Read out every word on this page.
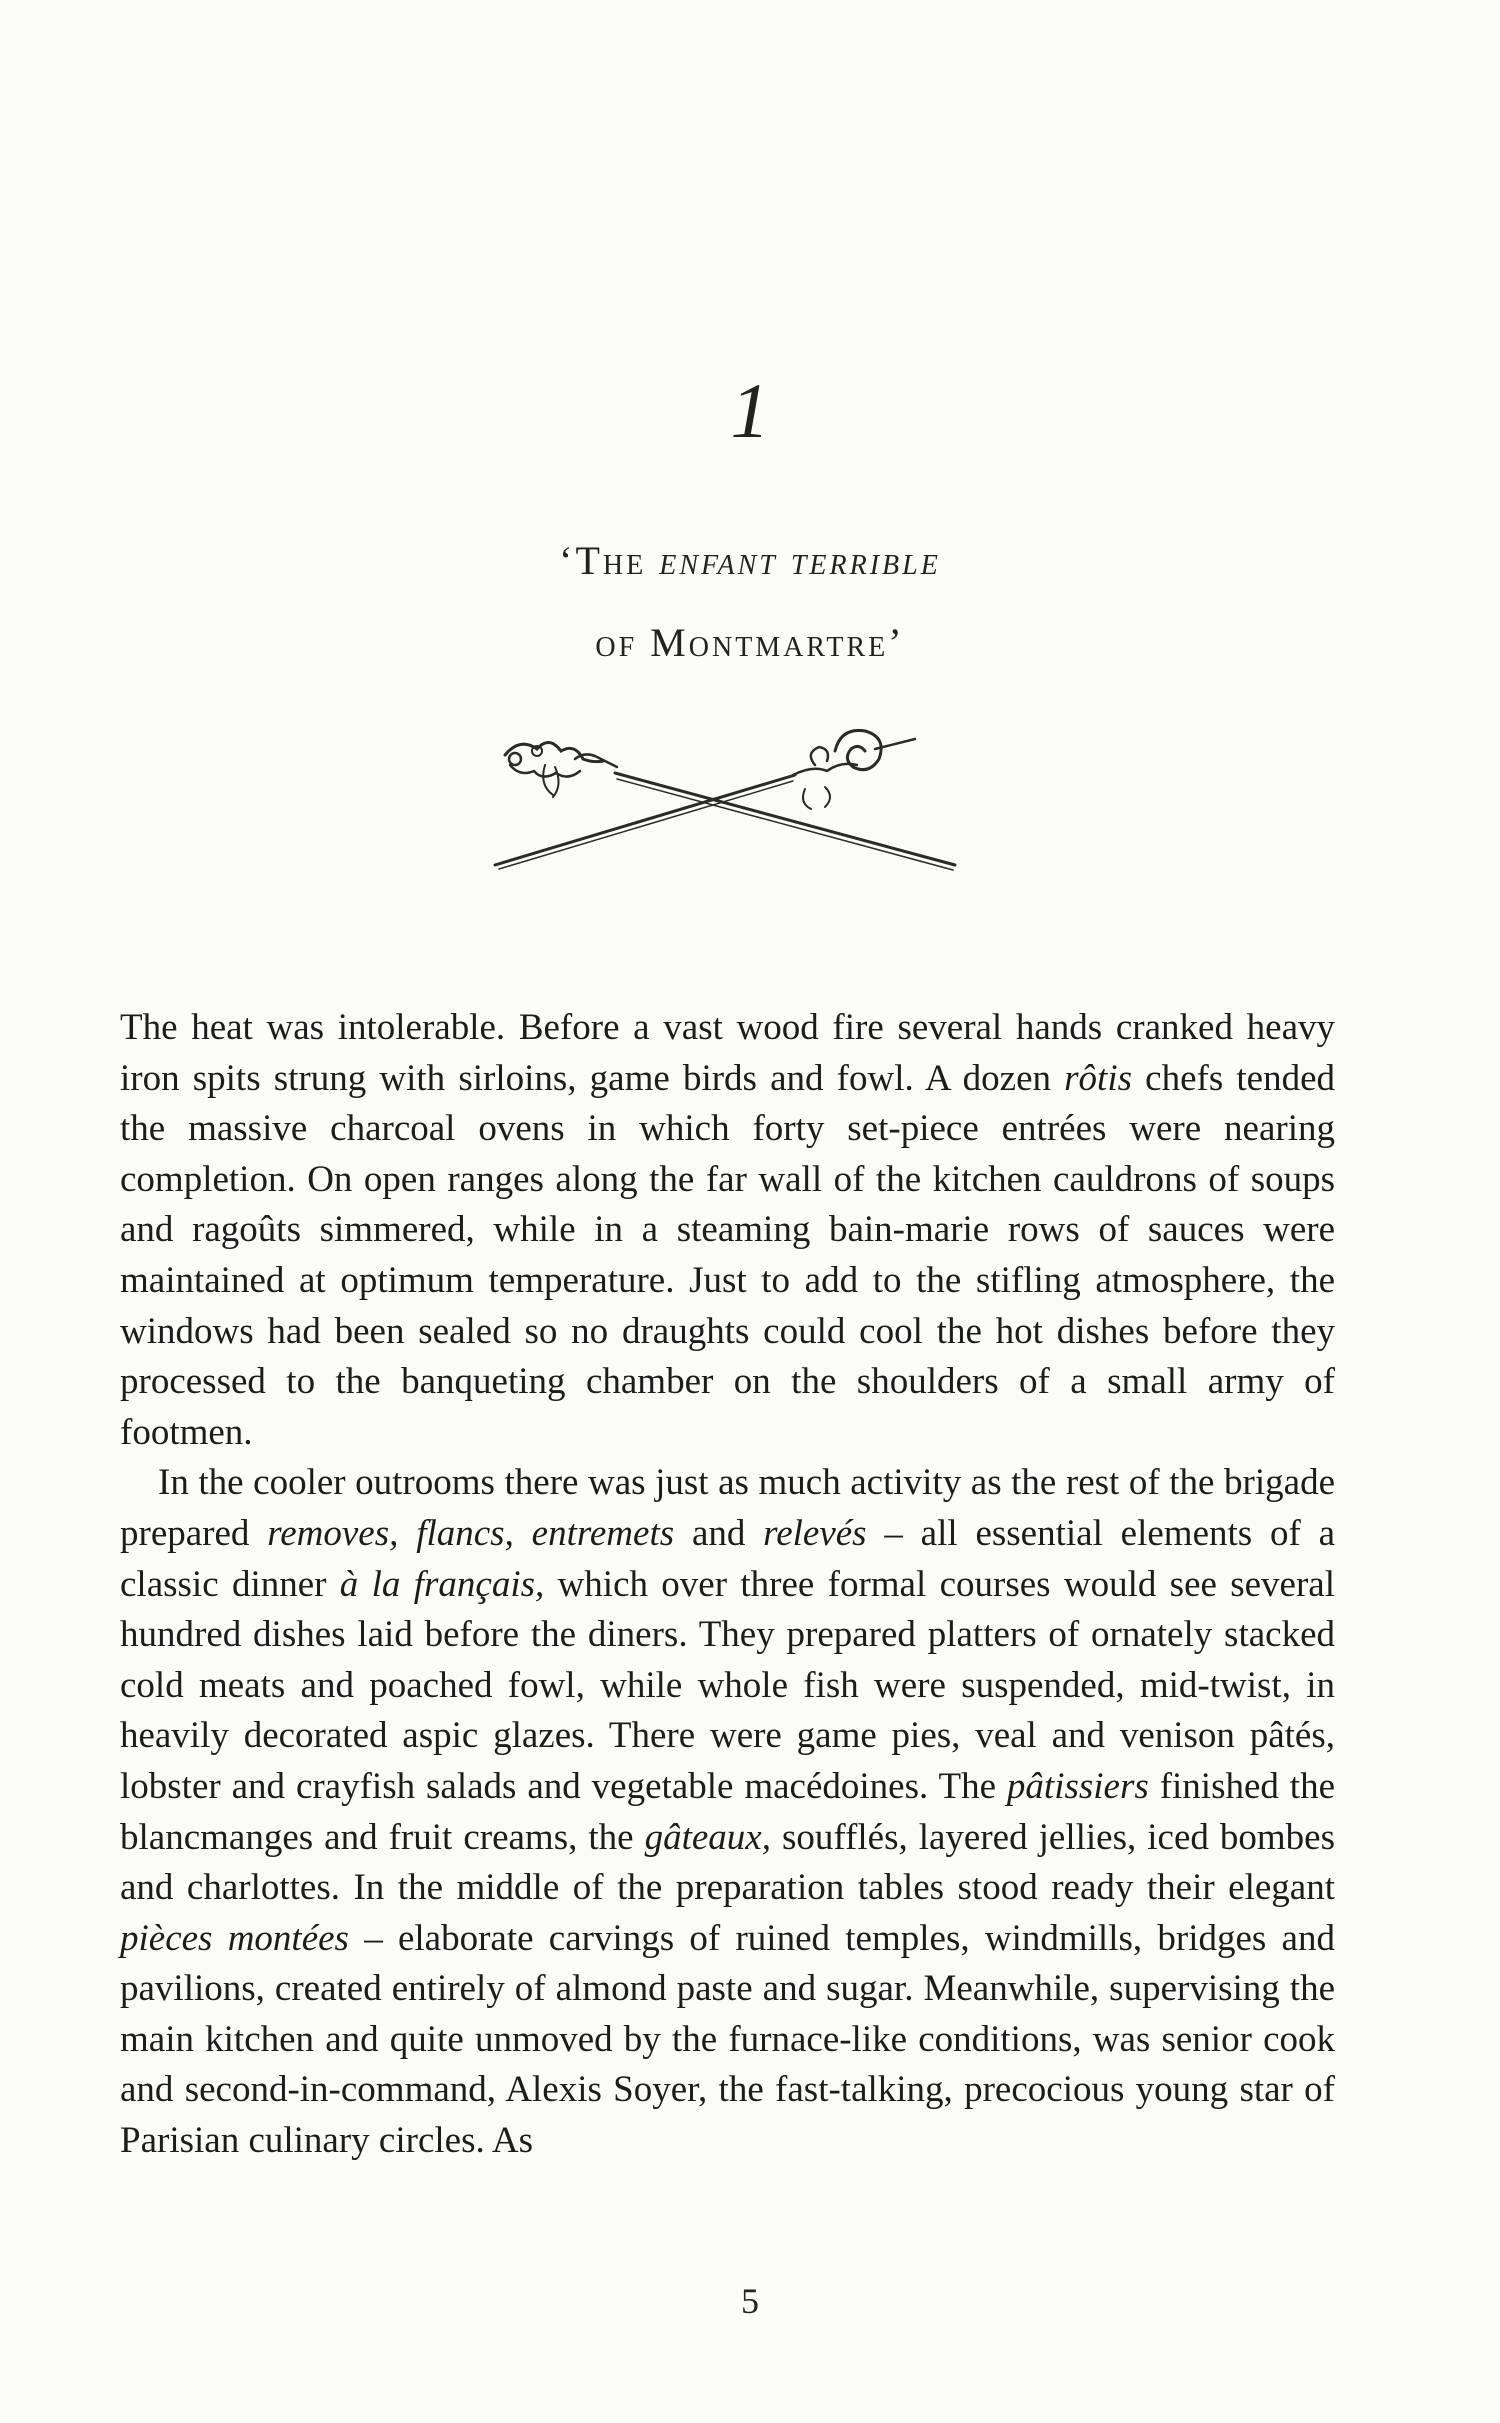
1
‘The enfant terrible
of Montmartre’

The heat was intolerable. Before a vast wood fire several hands cranked heavy iron spits strung with sirloins, game birds and fowl. A dozen rôtis chefs tended the massive charcoal ovens in which forty set-piece entrées were nearing completion. On open ranges along the far wall of the kitchen cauldrons of soups and ragoûts simmered, while in a steaming bain-marie rows of sauces were maintained at optimum temperature. Just to add to the stifling atmosphere, the windows had been sealed so no draughts could cool the hot dishes before they processed to the banqueting chamber on the shoulders of a small army of footmen.

In the cooler outrooms there was just as much activity as the rest of the brigade prepared removes, flancs, entremets and relevés – all essential elements of a classic dinner à la français, which over three formal courses would see several hundred dishes laid before the diners. They prepared platters of ornately stacked cold meats and poached fowl, while whole fish were suspended, mid-twist, in heavily decorated aspic glazes. There were game pies, veal and venison pâtés, lobster and crayfish salads and vegetable macédoines. The pâtissiers finished the blancmanges and fruit creams, the gâteaux, soufflés, layered jellies, iced bombes and charlottes. In the middle of the preparation tables stood ready their elegant pièces montées – elaborate carvings of ruined temples, windmills, bridges and pavilions, created entirely of almond paste and sugar. Meanwhile, supervising the main kitchen and quite unmoved by the furnace-like conditions, was senior cook and second-in-command, Alexis Soyer, the fast-talking, precocious young star of Parisian culinary circles. As

5
